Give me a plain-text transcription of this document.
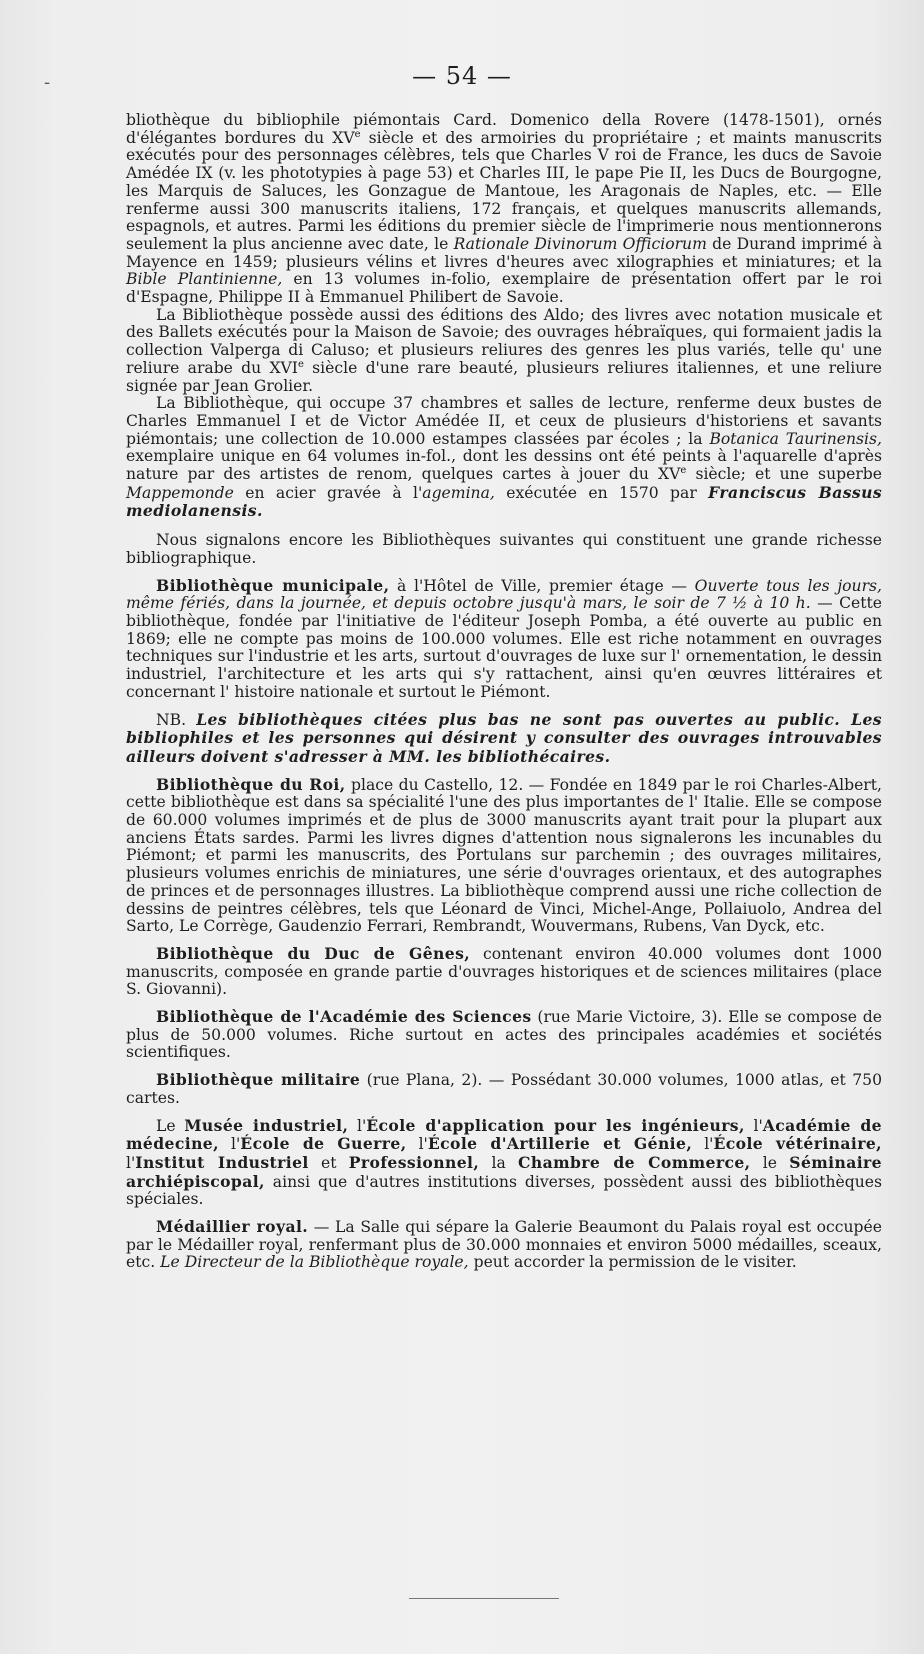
-	— 54 —

bliothèque du bibliophile piémontais Card. Domenico della Rovere (1478-1501), ornés d'élégantes bordures du XVe siècle et des armoiries du propriétaire ; et maints manuscrits exécutés pour des personnages célèbres, tels que Charles V roi de France, les ducs de Savoie Amédée IX (v. les phototypies à page 53) et Charles III, le pape Pie II, les Ducs de Bourgogne, les Marquis de Saluces, les Gonzague de Mantoue, les Aragonais de Naples, etc. — Elle renferme aussi 300 manuscrits italiens, 172 français, et quelques manuscrits allemands, espagnols, et autres. Parmi les éditions du premier siècle de l'imprimerie nous mentionnerons seulement la plus ancienne avec date, le Rationale Divinorum Officiorum de Durand imprimé à Mayence en 1459; plusieurs vélins et livres d'heures avec xilographies et miniatures; et la Bible Plantinienne, en 13 volumes in-folio, exemplaire de présentation offert par le roi d'Espagne, Philippe II à Emmanuel Philibert de Savoie.

La Bibliothèque possède aussi des éditions des Aldo; des livres avec notation musicale et des Ballets exécutés pour la Maison de Savoie; des ouvrages hébraïques, qui formaient jadis la collection Valperga di Caluso; et plusieurs reliures des genres les plus variés, telle qu' une reliure arabe du XVIe siècle d'une rare beauté, plusieurs reliures italiennes, et une reliure signée par Jean Grolier.

La Bibliothèque, qui occupe 37 chambres et salles de lecture, renferme deux bustes de Charles Emmanuel I et de Victor Amédée II, et ceux de plusieurs d'historiens et savants piémontais; une collection de 10.000 estampes classées par écoles ; la Botanica Taurinensis, exemplaire unique en 64 volumes in-fol., dont les dessins ont été peints à l'aquarelle d'après nature par des artistes de renom, quelques cartes à jouer du XVe siècle; et une superbe Mappemonde en acier gravée à l'agemina, exécutée en 1570 par Franciscus Bassus mediolanensis.

Nous signalons encore les Bibliothèques suivantes qui constituent une grande richesse bibliographique.

Bibliothèque municipale, à l'Hôtel de Ville, premier étage — Ouverte tous les jours, même fériés, dans la journée, et depuis octobre jusqu'à mars, le soir de 7 ½ à 10 h. — Cette bibliothèque, fondée par l'initiative de l'éditeur Joseph Pomba, a été ouverte au public en 1869; elle ne compte pas moins de 100.000 volumes. Elle est riche notamment en ouvrages techniques sur l'industrie et les arts, surtout d'ouvrages de luxe sur l' ornementation, le dessin industriel, l'architecture et les arts qui s'y rattachent, ainsi qu'en œuvres littéraires et concernant l' histoire nationale et surtout le Piémont.

NB. Les bibliothèques citées plus bas ne sont pas ouvertes au public. Les bibliophiles et les personnes qui désirent y consulter des ouvrages introuvables ailleurs doivent s'adresser à MM. les bibliothécaires.

Bibliothèque du Roi, place du Castello, 12. — Fondée en 1849 par le roi Charles-Albert, cette bibliothèque est dans sa spécialité l'une des plus importantes de l' Italie. Elle se compose de 60.000 volumes imprimés et de plus de 3000 manuscrits ayant trait pour la plupart aux anciens États sardes. Parmi les livres dignes d'attention nous signalerons les incunables du Piémont; et parmi les manuscrits, des Portulans sur parchemin ; des ouvrages militaires, plusieurs volumes enrichis de miniatures, une série d'ouvrages orientaux, et des autographes de princes et de personnages illustres. La bibliothèque comprend aussi une riche collection de dessins de peintres célèbres, tels que Léonard de Vinci, Michel-Ange, Pollaiuolo, Andrea del Sarto, Le Corrège, Gaudenzio Ferrari, Rembrandt, Wouvermans, Rubens, Van Dyck, etc.

Bibliothèque du Duc de Gênes, contenant environ 40.000 volumes dont 1000 manuscrits, composée en grande partie d'ouvrages historiques et de sciences militaires (place S. Giovanni).

Bibliothèque de l'Académie des Sciences (rue Marie Victoire, 3). Elle se compose de plus de 50.000 volumes. Riche surtout en actes des principales académies et sociétés scientifiques.

Bibliothèque militaire (rue Plana, 2). — Possédant 30.000 volumes, 1000 atlas, et 750 cartes.

Le Musée industriel, l'École d'application pour les ingénieurs, l'Académie de médecine, l'École de Guerre, l'École d'Artillerie et Génie, l'École vétérinaire, l'Institut Industriel et Professionnel, la Chambre de Commerce, le Séminaire archiépiscopal, ainsi que d'autres institutions diverses, possèdent aussi des bibliothèques spéciales.

Médaillier royal. — La Salle qui sépare la Galerie Beaumont du Palais royal est occupée par le Médailler royal, renfermant plus de 30.000 monnaies et environ 5000 médailles, sceaux, etc. Le Directeur de la Bibliothèque royale, peut accorder la permission de le visiter.
